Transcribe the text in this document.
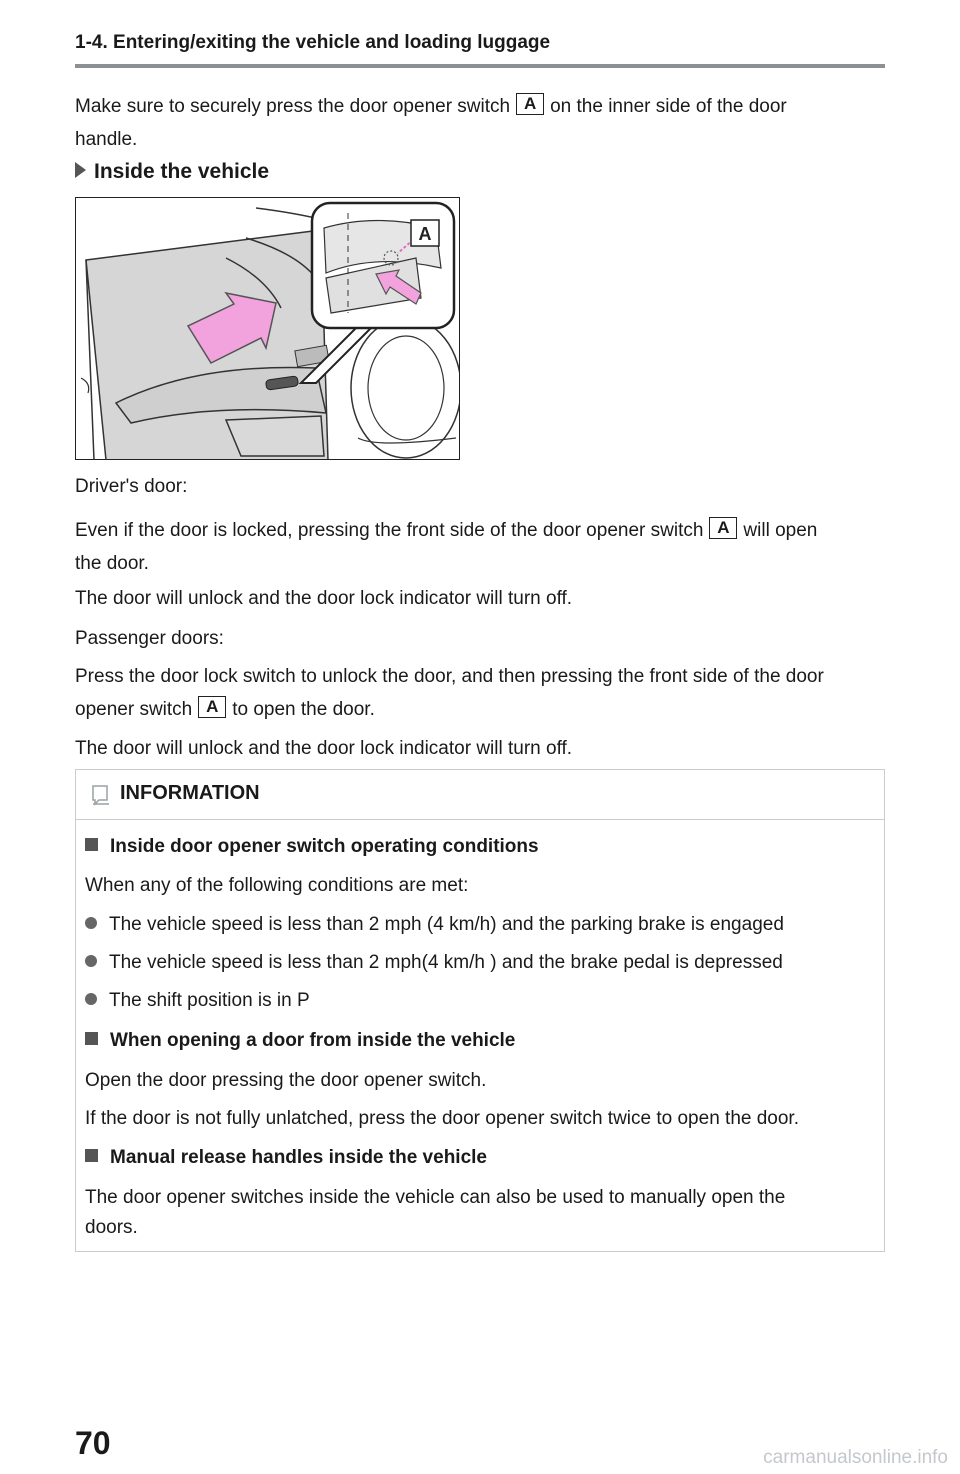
1-4. Entering/exiting the vehicle and loading luggage
Make sure to securely press the door opener switch A on the inner side of the door
handle.
Inside the vehicle
A
Driver's door:
Even if the door is locked, pressing the front side of the door opener switch A will open
the door.
The door will unlock and the door lock indicator will turn off.
Passenger doors:
Press the door lock switch to unlock the door, and then pressing the front side of the door
opener switch A to open the door.
The door will unlock and the door lock indicator will turn off.
INFORMATION
Inside door opener switch operating conditions
When any of the following conditions are met:
The vehicle speed is less than 2 mph (4 km/h) and the parking brake is engaged
The vehicle speed is less than 2 mph(4 km/h ) and the brake pedal is depressed
The shift position is in P
When opening a door from inside the vehicle
Open the door pressing the door opener switch.
If the door is not fully unlatched, press the door opener switch twice to open the door.
Manual release handles inside the vehicle
The door opener switches inside the vehicle can also be used to manually open the
doors.
70	carmanualsonline.info
